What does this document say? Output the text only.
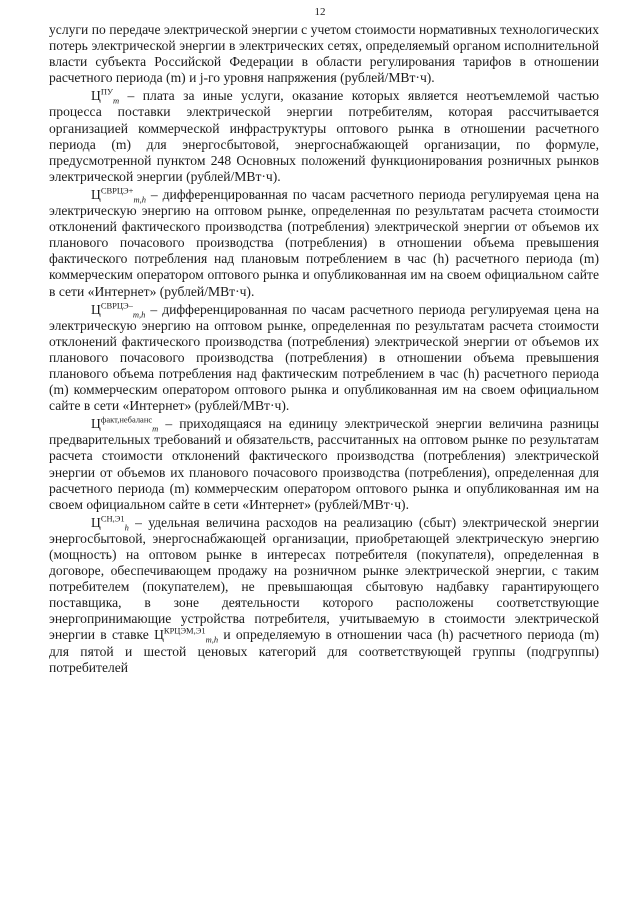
12

услуги по передаче электрической энергии с учетом стоимости нормативных технологических потерь электрической энергии в электрических сетях, определяемый органом исполнительной власти субъекта Российской Федерации в области регулирования тарифов в отношении расчетного периода (m) и j-го уровня напряжения (рублей/МВт·ч).

$Ц^{ПУ}_m$ – плата за иные услуги, оказание которых является неотъемлемой частью процесса поставки электрической энергии потребителям, которая рассчитывается организацией коммерческой инфраструктуры оптового рынка в отношении расчетного периода (m) для энергосбытовой, энергоснабжающей организации, по формуле, предусмотренной пунктом 248 Основных положений функционирования розничных рынков электрической энергии (рублей/МВт·ч).

$Ц^{СВРЦЭ+}_{m,h}$ – дифференцированная по часам расчетного периода регулируемая цена на электрическую энергию на оптовом рынке, определенная по результатам расчета стоимости отклонений фактического производства (потребления) электрической энергии от объемов их планового почасового производства (потребления) в отношении объема превышения фактического потребления над плановым потреблением в час (h) расчетного периода (m) коммерческим оператором оптового рынка и опубликованная им на своем официальном сайте в сети «Интернет» (рублей/МВт·ч).

$Ц^{СВРЦЭ-}_{m,h}$ – дифференцированная по часам расчетного периода регулируемая цена на электрическую энергию на оптовом рынке, определенная по результатам расчета стоимости отклонений фактического производства (потребления) электрической энергии от объемов их планового почасового производства (потребления) в отношении объема превышения планового объема потребления над фактическим потреблением в час (h) расчетного периода (m) коммерческим оператором оптового рынка и опубликованная им на своем официальном сайте в сети «Интернет» (рублей/МВт·ч).

$Ц^{факт,небаланс}_m$ – приходящаяся на единицу электрической энергии величина разницы предварительных требований и обязательств, рассчитанных на оптовом рынке по результатам расчета стоимости отклонений фактического производства (потребления) электрической энергии от объемов их планового почасового производства (потребления), определенная для расчетного периода (m) коммерческим оператором оптового рынка и опубликованная им на своем официальном сайте в сети «Интернет» (рублей/МВт·ч).

$Ц^{СН,Э1}_h$ – удельная величина расходов на реализацию (сбыт) электрической энергии энергосбытовой, энергоснабжающей организации, приобретающей электрическую энергию (мощность) на оптовом рынке в интересах потребителя (покупателя), определенная в договоре, обеспечивающем продажу на розничном рынке электрической энергии, с таким потребителем (покупателем), не превышающая сбытовую надбавку гарантирующего поставщика, в зоне деятельности которого расположены соответствующие энергопринимающие устройства потребителя, учитываемую в стоимости электрической энергии в ставке $Ц^{КРЦЭМ,Э1}_{m,h}$ и определяемую в отношении часа (h) расчетного периода (m) для пятой и шестой ценовых категорий для соответствующей группы (подгруппы) потребителей
